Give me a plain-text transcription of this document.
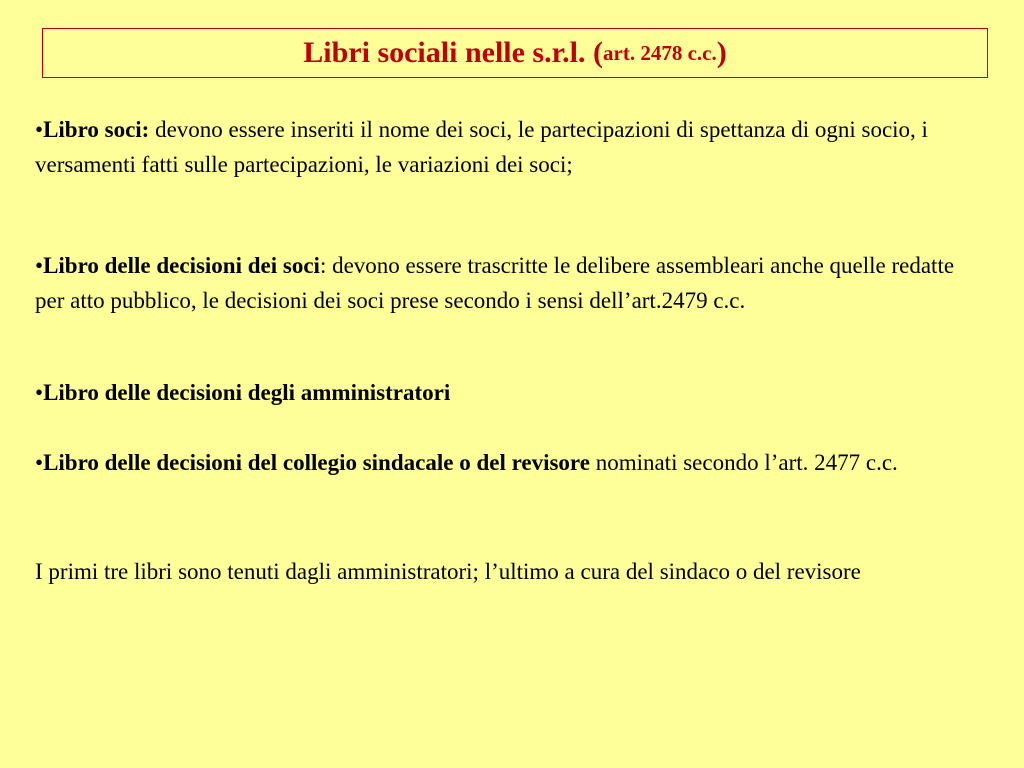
Libri sociali nelle s.r.l. ( art. 2478 c.c. )

•Libro soci: devono essere inseriti il nome dei soci, le partecipazioni di spettanza di ogni socio, i versamenti fatti sulle partecipazioni, le variazioni dei soci;

•Libro delle decisioni dei soci: devono essere trascritte le delibere assembleari anche quelle redatte per atto pubblico, le decisioni dei soci prese secondo i sensi dell’art.2479 c.c.

•Libro delle decisioni degli amministratori

•Libro delle decisioni del collegio sindacale o del revisore nominati secondo l’art. 2477 c.c.

I primi tre libri sono tenuti dagli amministratori; l’ultimo a cura del sindaco o del revisore
